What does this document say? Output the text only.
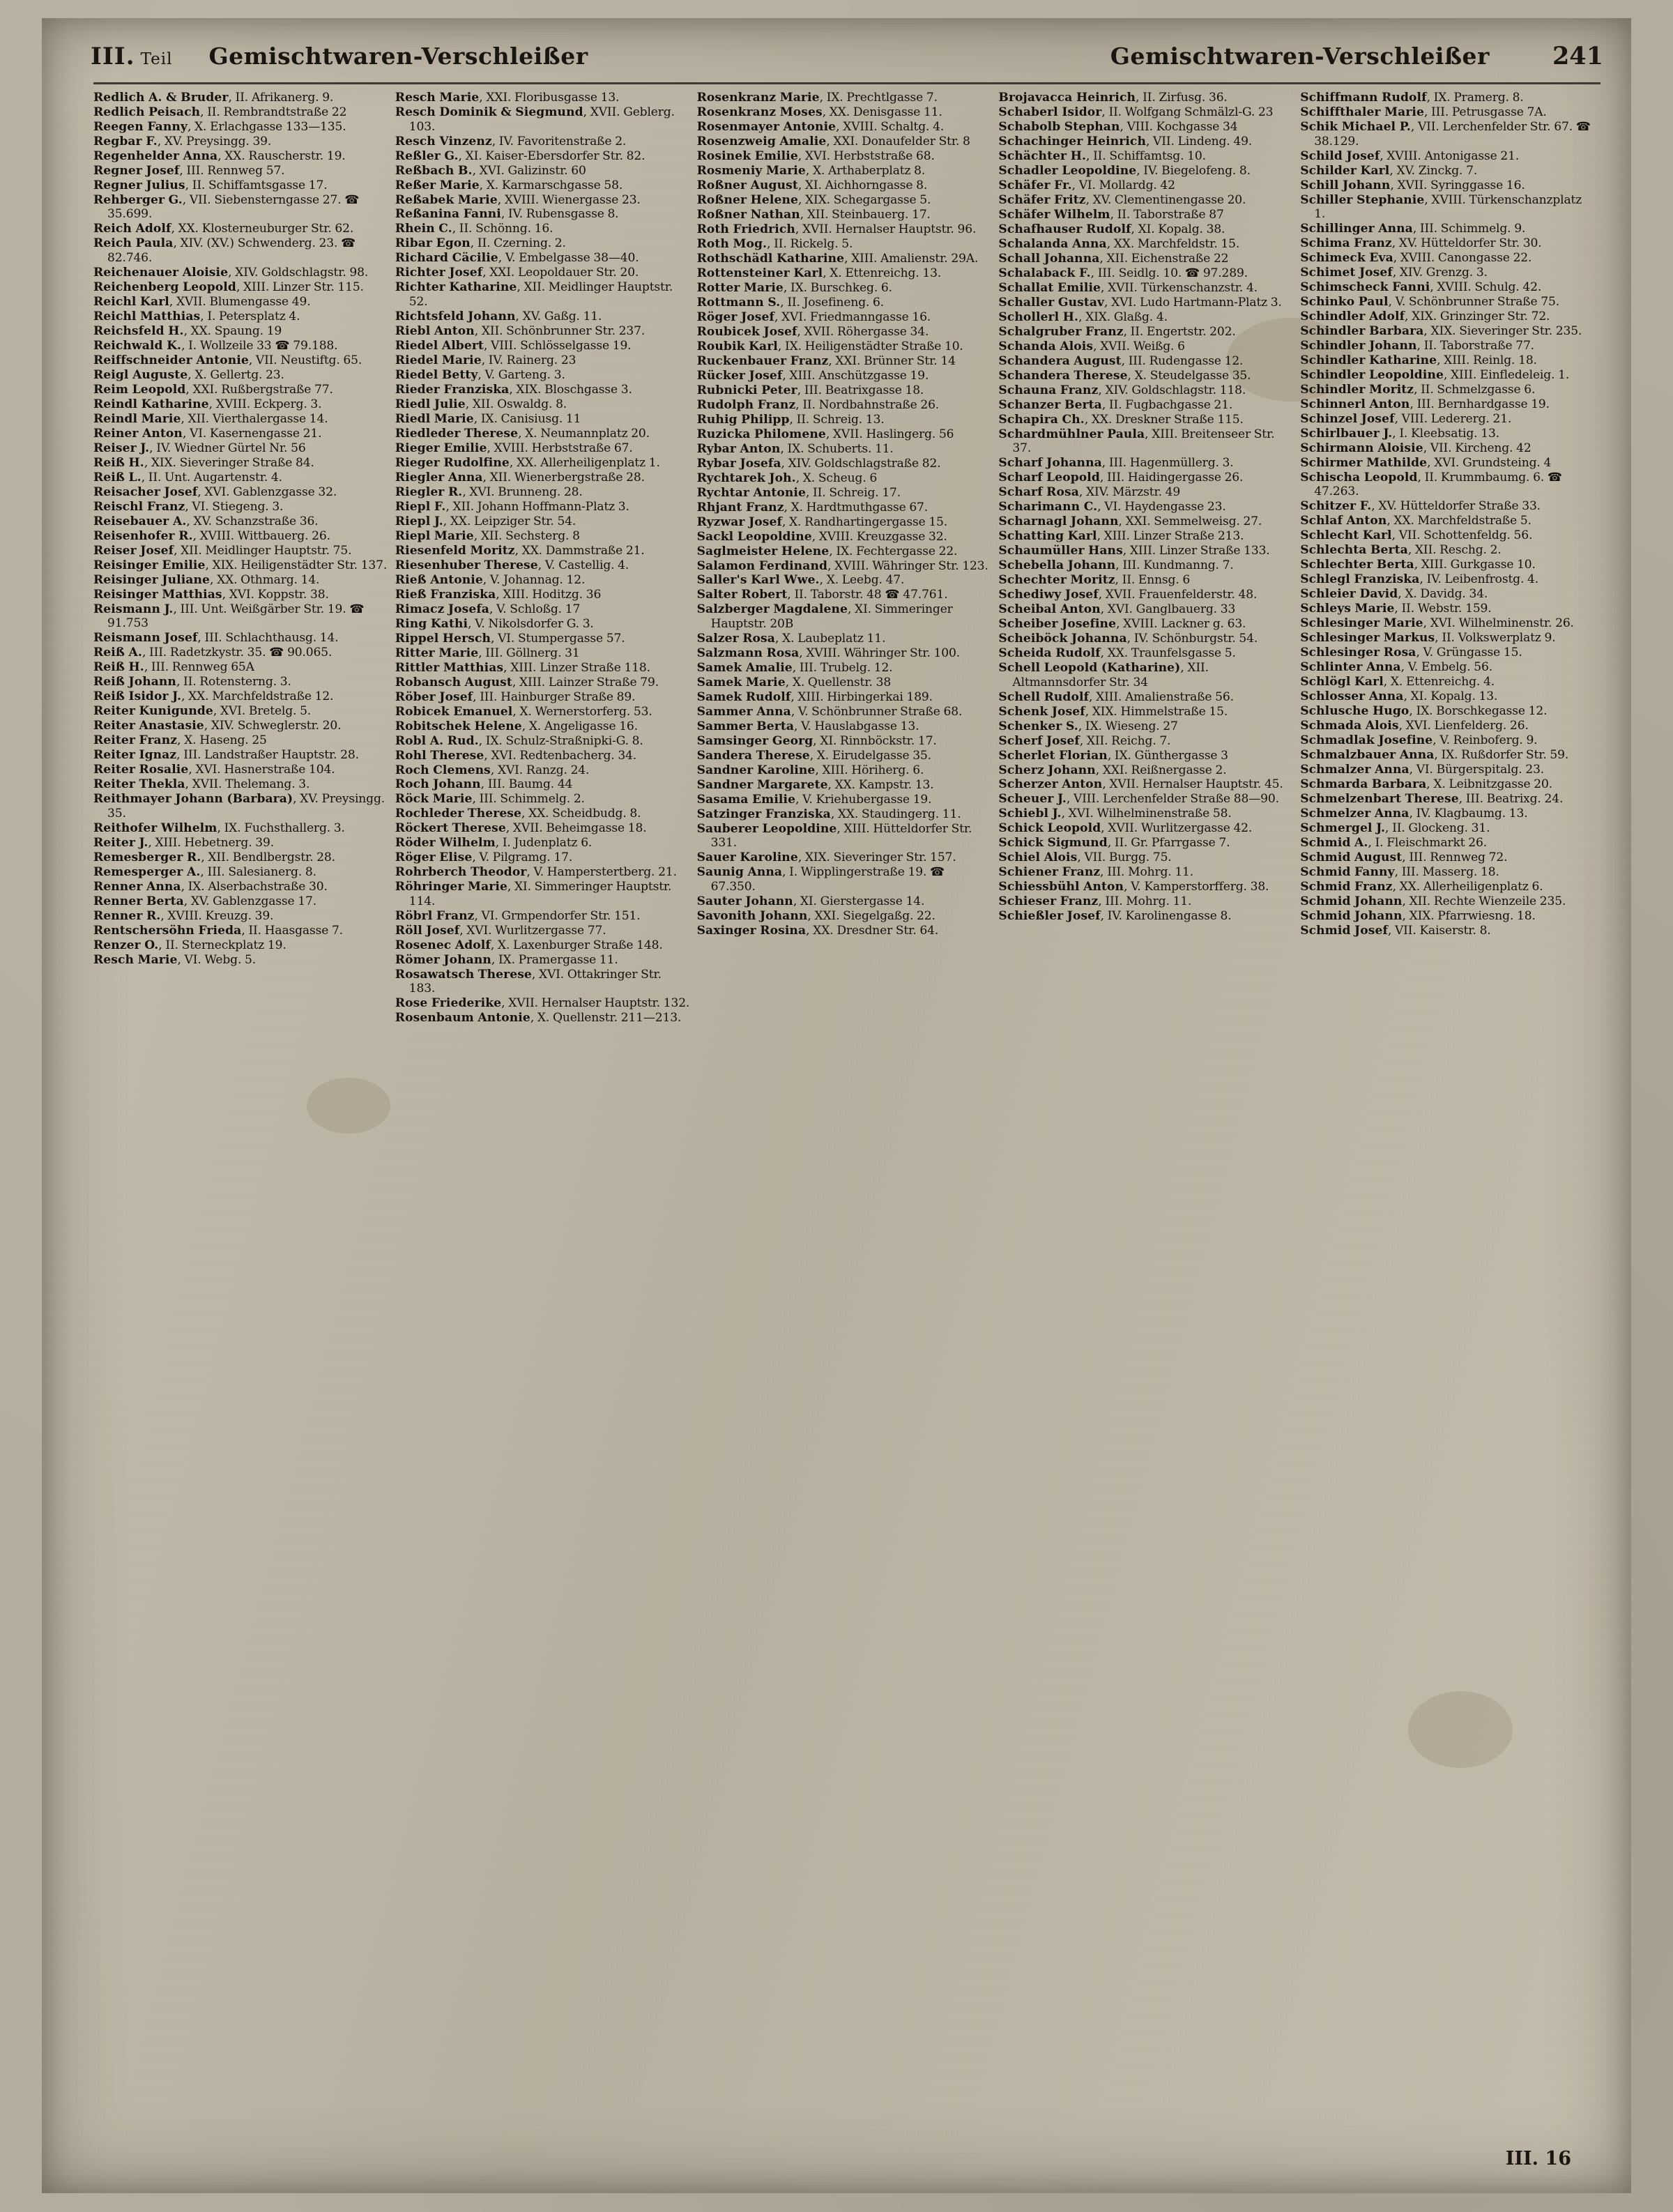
III. Teil Gemischtwaren-Verschleißer	Gemischtwaren-Verschleißer	241

Redlich A. & Bruder, II. Afrikanerg. 9.

Redlich Peisach, II. Rembrandtstraße 22

Reegen Fanny, X. Erlachgasse 133—135.

Regbar F., XV. Preysingg. 39.

Regenhelder Anna, XX. Rauscherstr. 19.

Regner Josef, III. Rennweg 57.

Regner Julius, II. Schiffamtsgasse 17.

Rehberger G., VII. Siebensterngasse 27. ☎ 35.699.

Reich Adolf, XX. Klosterneuburger Str. 62.

Reich Paula, XIV. (XV.) Schwenderg. 23. ☎ 82.746.

Reichenauer Aloisie, XIV. Goldschlagstr. 98.

Reichenberg Leopold, XIII. Linzer Str. 115.

Reichl Karl, XVII. Blumengasse 49.

Reichl Matthias, I. Petersplatz 4.

Reichsfeld H., XX. Spaung. 19

Reichwald K., I. Wollzeile 33 ☎ 79.188.

Reiffschneider Antonie, VII. Neustiftg. 65.

Reigl Auguste, X. Gellertg. 23.

Reim Leopold, XXI. Rußbergstraße 77.

Reindl Katharine, XVIII. Eckperg. 3.

Reindl Marie, XII. Vierthalergasse 14.

Reiner Anton, VI. Kasernengasse 21.

Reiser J., IV. Wiedner Gürtel Nr. 56

Reiß H., XIX. Sieveringer Straße 84.

Reiß L., II. Unt. Augartenstr. 4.

Reisacher Josef, XVI. Gablenzgasse 32.

Reischl Franz, VI. Stiegeng. 3.

Reisebauer A., XV. Schanzstraße 36.

Reisenhofer R., XVIII. Wittbauerg. 26.

Reiser Josef, XII. Meidlinger Hauptstr. 75.

Reisinger Emilie, XIX. Heiligenstädter Str. 137.

Reisinger Juliane, XX. Othmarg. 14.

Reisinger Matthias, XVI. Koppstr. 38.

Reismann J., III. Unt. Weißgärber Str. 19. ☎ 91.753

Reismann Josef, III. Schlachthausg. 14.

Reiß A., III. Radetzkystr. 35. ☎ 90.065.

Reiß H., III. Rennweg 65A

Reiß Johann, II. Rotensterng. 3.

Reiß Isidor J., XX. Marchfeldstraße 12.

Reiter Kunigunde, XVI. Bretelg. 5.

Reiter Anastasie, XIV. Schweglerstr. 20.

Reiter Franz, X. Haseng. 25

Reiter Ignaz, III. Landstraßer Hauptstr. 28.

Reiter Rosalie, XVI. Hasnerstraße 104.

Reiter Thekla, XVII. Thelemang. 3.

Reithmayer Johann (Barbara), XV. Preysingg. 35.

Reithofer Wilhelm, IX. Fuchsthallerg. 3.

Reiter J., XIII. Hebetnerg. 39.

Remesberger R., XII. Bendlbergstr. 28.

Remesperger A., III. Salesianerg. 8.

Renner Anna, IX. Alserbachstraße 30.

Renner Berta, XV. Gablenzgasse 17.

Renner R., XVIII. Kreuzg. 39.

Rentschersöhn Frieda, II. Haasgasse 7.

Renzer O., II. Sterneckplatz 19.

Resch Marie, VI. Webg. 5.

Resch Marie, XXI. Floribusgasse 13.

Resch Dominik & Siegmund, XVII. Geblerg. 103.

Resch Vinzenz, IV. Favoritenstraße 2.

Reßler G., XI. Kaiser-Ebersdorfer Str. 82.

Reßbach B., XVI. Galizinstr. 60

Reßer Marie, X. Karmarschgasse 58.

Reßabek Marie, XVIII. Wienergasse 23.

Reßanina Fanni, IV. Rubensgasse 8.

Rhein C., II. Schönng. 16.

Ribar Egon, II. Czerning. 2.

Richard Cäcilie, V. Embelgasse 38—40.

Richter Josef, XXI. Leopoldauer Str. 20.

Richter Katharine, XII. Meidlinger Hauptstr. 52.

Richtsfeld Johann, XV. Gaßg. 11.

Riebl Anton, XII. Schönbrunner Str. 237.

Riedel Albert, VIII. Schlösselgasse 19.

Riedel Marie, IV. Rainerg. 23

Riedel Betty, V. Garteng. 3.

Rieder Franziska, XIX. Bloschgasse 3.

Riedl Julie, XII. Oswaldg. 8.

Riedl Marie, IX. Canisiusg. 11

Riedleder Therese, X. Neumannplatz 20.

Rieger Emilie, XVIII. Herbststraße 67.

Rieger Rudolfine, XX. Allerheiligenplatz 1.

Riegler Anna, XII. Wienerbergstraße 28.

Riegler R., XVI. Brunneng. 28.

Riepl F., XII. Johann Hoffmann-Platz 3.

Riepl J., XX. Leipziger Str. 54.

Riepl Marie, XII. Sechsterg. 8

Riesenfeld Moritz, XX. Dammstraße 21.

Riesenhuber Therese, V. Castellig. 4.

Rieß Antonie, V. Johannag. 12.

Rieß Franziska, XIII. Hoditzg. 36

Rimacz Josefa, V. Schloßg. 17

Ring Kathi, V. Nikolsdorfer G. 3.

Rippel Hersch, VI. Stumpergasse 57.

Ritter Marie, III. Göllnerg. 31

Rittler Matthias, XIII. Linzer Straße 118.

Robansch August, XIII. Lainzer Straße 79.

Röber Josef, III. Hainburger Straße 89.

Robicek Emanuel, X. Wernerstorferg. 53.

Robitschek Helene, X. Angeligasse 16.

Robl A. Rud., IX. Schulz-Straßnipki-G. 8.

Rohl Therese, XVI. Redtenbacherg. 34.

Roch Clemens, XVI. Ranzg. 24.

Roch Johann, III. Baumg. 44

Röck Marie, III. Schimmelg. 2.

Rochleder Therese, XX. Scheidbudg. 8.

Röckert Therese, XVII. Beheimgasse 18.

Röder Wilhelm, I. Judenplatz 6.

Röger Elise, V. Pilgramg. 17.

Rohrberch Theodor, V. Hamperstertberg. 21.

Röhringer Marie, XI. Simmeringer Hauptstr. 114.

Röbrl Franz, VI. Grmpendorfer Str. 151.

Röll Josef, XVI. Wurlitzergasse 77.

Rosenec Adolf, X. Laxenburger Straße 148.

Römer Johann, IX. Pramergasse 11.

Rosawatsch Therese, XVI. Ottakringer Str. 183.

Rose Friederike, XVII. Hernalser Hauptstr. 132.

Rosenbaum Antonie, X. Quellenstr. 211—213.

Rosenkranz Marie, IX. Prechtlgasse 7.

Rosenkranz Moses, XX. Denisgasse 11.

Rosenmayer Antonie, XVIII. Schaltg. 4.

Rosenzweig Amalie, XXI. Donaufelder Str. 8

Rosinek Emilie, XVI. Herbststraße 68.

Rosmeniy Marie, X. Arthaberplatz 8.

Roßner August, XI. Aichhorngasse 8.

Roßner Helene, XIX. Schegargasse 5.

Roßner Nathan, XII. Steinbauerg. 17.

Roth Friedrich, XVII. Hernalser Hauptstr. 96.

Roth Mog., II. Rickelg. 5.

Rothschädl Katharine, XIII. Amalienstr. 29A.

Rottensteiner Karl, X. Ettenreichg. 13.

Rotter Marie, IX. Burschkeg. 6.

Rottmann S., II. Josefineng. 6.

Röger Josef, XVI. Friedmanngasse 16.

Roubicek Josef, XVII. Röhergasse 34.

Roubik Karl, IX. Heiligenstädter Straße 10.

Ruckenbauer Franz, XXI. Brünner Str. 14

Rücker Josef, XIII. Anschützgasse 19.

Rubnicki Peter, III. Beatrixgasse 18.

Rudolph Franz, II. Nordbahnstraße 26.

Ruhig Philipp, II. Schreig. 13.

Ruzicka Philomene, XVII. Haslingerg. 56

Rybar Anton, IX. Schuberts. 11.

Rybar Josefa, XIV. Goldschlagstraße 82.

Rychtarek Joh., X. Scheug. 6

Rychtar Antonie, II. Schreig. 17.

Rhjant Franz, X. Hardtmuthgasse 67.

Ryzwar Josef, X. Randhartingergasse 15.

Sackl Leopoldine, XVIII. Kreuzgasse 32.

Saglmeister Helene, IX. Fechtergasse 22.

Salamon Ferdinand, XVIII. Währinger Str. 123.

Saller's Karl Wwe., X. Leebg. 47.

Salter Robert, II. Taborstr. 48 ☎ 47.761.

Salzberger Magdalene, XI. Simmeringer Hauptstr. 20B

Salzer Rosa, X. Laubeplatz 11.

Salzmann Rosa, XVIII. Währinger Str. 100.

Samek Amalie, III. Trubelg. 12.

Samek Marie, X. Quellenstr. 38

Samek Rudolf, XIII. Hirbingerkai 189.

Sammer Anna, V. Schönbrunner Straße 68.

Sammer Berta, V. Hauslabgasse 13.

Samsinger Georg, XI. Rinnböckstr. 17.

Sandera Therese, X. Eirudelgasse 35.

Sandner Karoline, XIII. Höriherg. 6.

Sandner Margarete, XX. Kampstr. 13.

Sasama Emilie, V. Kriehubergasse 19.

Satzinger Franziska, XX. Staudingerg. 11.

Sauberer Leopoldine, XIII. Hütteldorfer Str. 331.

Sauer Karoline, XIX. Sieveringer Str. 157.

Saunig Anna, I. Wipplingerstraße 19. ☎ 67.350.

Sauter Johann, XI. Gierstergasse 14.

Savonith Johann, XXI. Siegelgaßg. 22.

Saxinger Rosina, XX. Dresdner Str. 64.

Brojavacca Heinrich, II. Zirfusg. 36.

Schaberl Isidor, II. Wolfgang Schmälzl-G. 23

Schabolb Stephan, VIII. Kochgasse 34

Schachinger Heinrich, VII. Lindeng. 49.

Schächter H., II. Schiffamtsg. 10.

Schadler Leopoldine, IV. Biegelofeng. 8.

Schäfer Fr., VI. Mollardg. 42

Schäfer Fritz, XV. Clementinengasse 20.

Schäfer Wilhelm, II. Taborstraße 87

Schafhauser Rudolf, XI. Kopalg. 38.

Schalanda Anna, XX. Marchfeldstr. 15.

Schall Johanna, XII. Eichenstraße 22

Schalaback F., III. Seidlg. 10. ☎ 97.289.

Schallat Emilie, XVII. Türkenschanzstr. 4.

Schaller Gustav, XVI. Ludo Hartmann-Platz 3.

Schollerl H., XIX. Glaßg. 4.

Schalgruber Franz, II. Engertstr. 202.

Schanda Alois, XVII. Weißg. 6

Schandera August, III. Rudengasse 12.

Schandera Therese, X. Steudelgasse 35.

Schauna Franz, XIV. Goldschlagstr. 118.

Schanzer Berta, II. Fugbachgasse 21.

Schapira Ch., XX. Dreskner Straße 115.

Schardmühlner Paula, XIII. Breitenseer Str. 37.

Scharf Johanna, III. Hagenmüllerg. 3.

Scharf Leopold, III. Haidingergasse 26.

Scharf Rosa, XIV. Märzstr. 49

Scharimann C., VI. Haydengasse 23.

Scharnagl Johann, XXI. Semmelweisg. 27.

Schatting Karl, XIII. Linzer Straße 213.

Schaumüller Hans, XIII. Linzer Straße 133.

Schebella Johann, III. Kundmanng. 7.

Schechter Moritz, II. Ennsg. 6

Schediwy Josef, XVII. Frauenfelderstr. 48.

Scheibal Anton, XVI. Ganglbauerg. 33

Scheiber Josefine, XVIII. Lackner g. 63.

Scheiböck Johanna, IV. Schönburgstr. 54.

Scheida Rudolf, XX. Traunfelsgasse 5.

Schell Leopold (Katharine), XII. Altmannsdorfer Str. 34

Schell Rudolf, XIII. Amalienstraße 56.

Schenk Josef, XIX. Himmelstraße 15.

Schenker S., IX. Wieseng. 27

Scherf Josef, XII. Reichg. 7.

Scherlet Florian, IX. Günthergasse 3

Scherz Johann, XXI. Reißnergasse 2.

Scherzer Anton, XVII. Hernalser Hauptstr. 45.

Scheuer J., VIII. Lerchenfelder Straße 88—90.

Schiebl J., XVI. Wilhelminenstraße 58.

Schick Leopold, XVII. Wurlitzergasse 42.

Schick Sigmund, II. Gr. Pfarrgasse 7.

Schiel Alois, VII. Burgg. 75.

Schiener Franz, III. Mohrg. 11.

Schiessbühl Anton, V. Kamperstorfferg. 38.

Schieser Franz, III. Mohrg. 11.

Schießler Josef, IV. Karolinengasse 8.

Schiffmann Rudolf, IX. Pramerg. 8.

Schiffthaler Marie, III. Petrusgasse 7A.

Schik Michael P., VII. Lerchenfelder Str. 67. ☎ 38.129.

Schild Josef, XVIII. Antonigasse 21.

Schilder Karl, XV. Zinckg. 7.

Schill Johann, XVII. Syringgasse 16.

Schiller Stephanie, XVIII. Türkenschanzplatz 1.

Schillinger Anna, III. Schimmelg. 9.

Schima Franz, XV. Hütteldorfer Str. 30.

Schimeck Eva, XVIII. Canongasse 22.

Schimet Josef, XIV. Grenzg. 3.

Schimscheck Fanni, XVIII. Schulg. 42.

Schinko Paul, V. Schönbrunner Straße 75.

Schindler Adolf, XIX. Grinzinger Str. 72.

Schindler Barbara, XIX. Sieveringer Str. 235.

Schindler Johann, II. Taborstraße 77.

Schindler Katharine, XIII. Reinlg. 18.

Schindler Leopoldine, XIII. Einfledeleig. 1.

Schindler Moritz, II. Schmelzgasse 6.

Schinnerl Anton, III. Bernhardgasse 19.

Schinzel Josef, VIII. Ledererg. 21.

Schirlbauer J., I. Kleebsatig. 13.

Schirmann Aloisie, VII. Kircheng. 42

Schirmer Mathilde, XVI. Grundsteing. 4

Schischa Leopold, II. Krummbaumg. 6. ☎ 47.263.

Schitzer F., XV. Hütteldorfer Straße 33.

Schlaf Anton, XX. Marchfeldstraße 5.

Schlecht Karl, VII. Schottenfeldg. 56.

Schlechta Berta, XII. Reschg. 2.

Schlechter Berta, XIII. Gurkgasse 10.

Schlegl Franziska, IV. Leibenfrostg. 4.

Schleier David, X. Davidg. 34.

Schleys Marie, II. Webstr. 159.

Schlesinger Marie, XVI. Wilhelminenstr. 26.

Schlesinger Markus, II. Volkswerplatz 9.

Schlesinger Rosa, V. Grüngasse 15.

Schlinter Anna, V. Embelg. 56.

Schlögl Karl, X. Ettenreichg. 4.

Schlosser Anna, XI. Kopalg. 13.

Schlusche Hugo, IX. Borschkegasse 12.

Schmada Alois, XVI. Lienfelderg. 26.

Schmadlak Josefine, V. Reinboferg. 9.

Schmalzbauer Anna, IX. Rußdorfer Str. 59.

Schmalzer Anna, VI. Bürgerspitalg. 23.

Schmarda Barbara, X. Leibnitzgasse 20.

Schmelzenbart Therese, III. Beatrixg. 24.

Schmelzer Anna, IV. Klagbaumg. 13.

Schmergel J., II. Glockeng. 31.

Schmid A., I. Fleischmarkt 26.

Schmid August, III. Rennweg 72.

Schmid Fanny, III. Masserg. 18.

Schmid Franz, XX. Allerheiligenplatz 6.

Schmid Johann, XII. Rechte Wienzeile 235.

Schmid Johann, XIX. Pfarrwiesng. 18.

Schmid Josef, VII. Kaiserstr. 8.

III. 16
